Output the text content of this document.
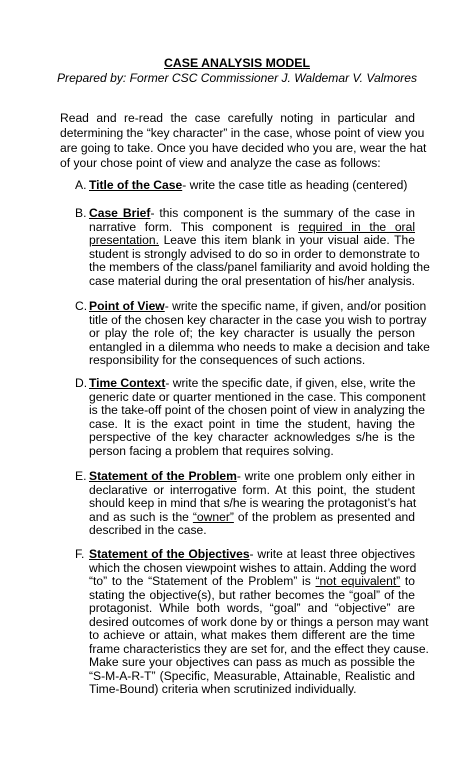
CASE ANALYSIS MODEL
Prepared by: Former CSC Commissioner J. Waldemar V. Valmores
Read and re-read the case carefully noting in particular and
determining the “key character” in the case, whose point of view you
are going to take. Once you have decided who you are, wear the hat
of your chose point of view and analyze the case as follows:
A. Title of the Case- write the case title as heading (centered)
B. Case Brief- this component is the summary of the case in
narrative form. This component is required in the oral
presentation. Leave this item blank in your visual aide. The
student is strongly advised to do so in order to demonstrate to
the members of the class/panel familiarity and avoid holding the
case material during the oral presentation of his/her analysis.
C. Point of View- write the specific name, if given, and/or position
title of the chosen key character in the case you wish to portray
or play the role of; the key character is usually the person
entangled in a dilemma who needs to make a decision and take
responsibility for the consequences of such actions.
D. Time Context- write the specific date, if given, else, write the
generic date or quarter mentioned in the case. This component
is the take-off point of the chosen point of view in analyzing the
case. It is the exact point in time the student, having the
perspective of the key character acknowledges s/he is the
person facing a problem that requires solving.
E. Statement of the Problem- write one problem only either in
declarative or interrogative form. At this point, the student
should keep in mind that s/he is wearing the protagonist’s hat
and as such is the “owner” of the problem as presented and
described in the case.
F. Statement of the Objectives- write at least three objectives
which the chosen viewpoint wishes to attain. Adding the word
“to” to the “Statement of the Problem” is “not equivalent” to
stating the objective(s), but rather becomes the “goal” of the
protagonist. While both words, “goal” and “objective” are
desired outcomes of work done by or things a person may want
to achieve or attain, what makes them different are the time
frame characteristics they are set for, and the effect they cause.
Make sure your objectives can pass as much as possible the
“S-M-A-R-T” (Specific, Measurable, Attainable, Realistic and
Time-Bound) criteria when scrutinized individually.
